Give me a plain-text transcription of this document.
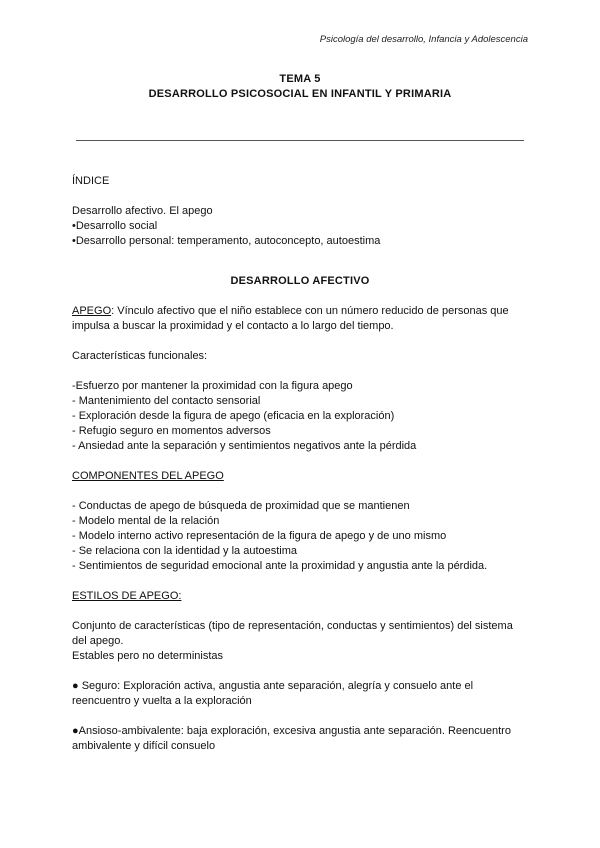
Psicología del desarrollo, Infancia y Adolescencia
TEMA 5
DESARROLLO PSICOSOCIAL EN INFANTIL Y PRIMARIA

ÍNDICE

Desarrollo afectivo. El apego

•Desarrollo social

•Desarrollo personal: temperamento, autoconcepto, autoestima

DESARROLLO AFECTIVO

APEGO: Vínculo afectivo que el niño establece con un número reducido de personas que impulsa a buscar la proximidad y el contacto a lo largo del tiempo.

Características funcionales:

-Esfuerzo por mantener la proximidad con la figura apego

- Mantenimiento del contacto sensorial

- Exploración desde la figura de apego (eficacia en la exploración)

- Refugio seguro en momentos adversos

- Ansiedad ante la separación y sentimientos negativos ante la pérdida

COMPONENTES DEL APEGO

- Conductas de apego de búsqueda de proximidad que se mantienen

- Modelo mental de la relación

- Modelo interno activo representación de la figura de apego y de uno mismo

- Se relaciona con la identidad y la autoestima

- Sentimientos de seguridad emocional ante la proximidad y angustia ante la pérdida.

ESTILOS DE APEGO:

Conjunto de características (tipo de representación, conductas y sentimientos) del sistema del apego.

Estables pero no deterministas

● Seguro: Exploración activa, angustia ante separación, alegría y consuelo ante el reencuentro y vuelta a la exploración

●Ansioso-ambivalente: baja exploración, excesiva angustia ante separación. Reencuentro ambivalente y difícil consuelo
